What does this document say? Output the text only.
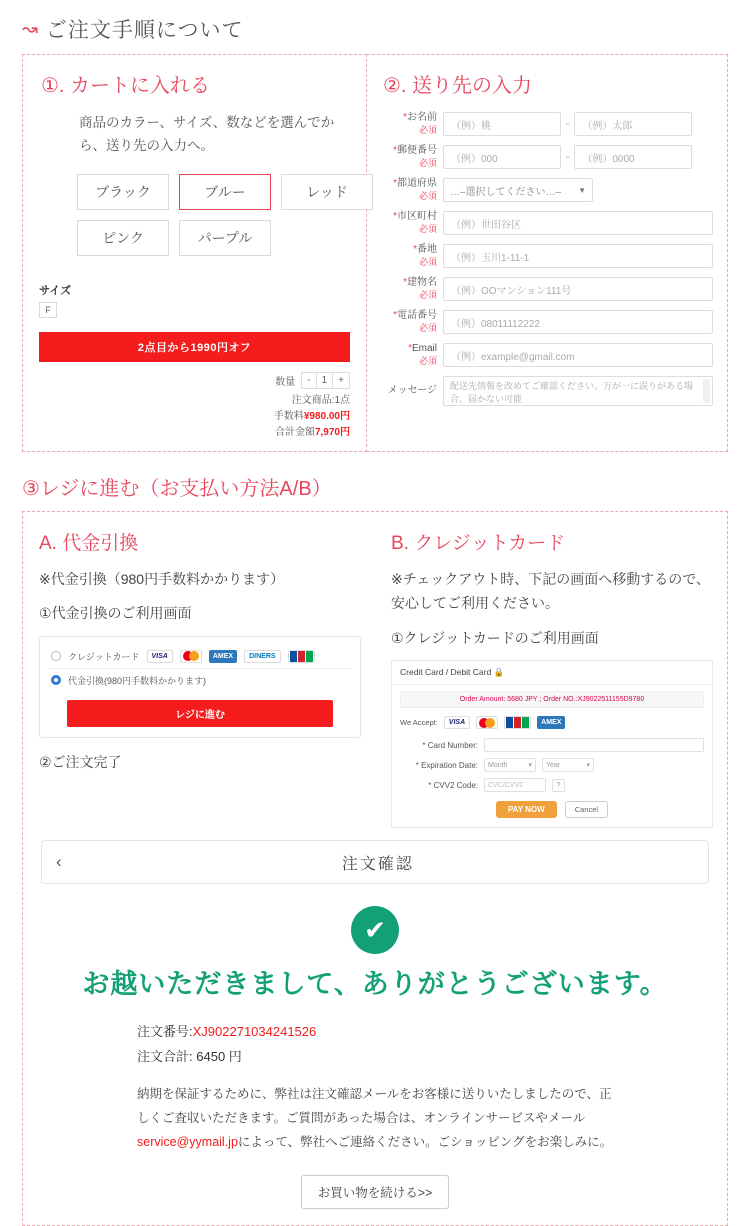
↝ ご注文手順について
①. カートに入れる
商品のカラー、サイズ、数などを選んでから、送り先の入力へ。
ブラック	ブルー	レッド
ピンク	パープル
サイズ
F
2点目から1990円オフ
数量	-	1	+
注文商品:1点
手数料¥980.00円
合計金額7,970円
②. 送り先の入力
*お名前
必須	（例）桃	-	（例）太郎
*郵便番号
必須	（例）000	-	（例）0000
*都道府県
必須 …–選択してください…– ▼
*市区町村
必須	（例）世田谷区
*番地
必須	（例）玉川1-11-1
*建物名
必須	（例）OOマンション111号
*電話番号
必須	（例）08011112222
*Email
必須	（例）example@gmail.com
メッセージ	配送先情報を改めてご確認ください。万が一に誤りがある場合、届かない可能
③レジに進む（お支払い方法A/B）
A. 代金引換
※代金引換（980円手数料かかります）
①代金引換のご利用画面
クレジットカード	VISA	AMEX	DINERS
代金引換(980円手数料かかります)
レジに進む
②ご注文完了
B. クレジットカード
※チェックアウト時、下記の画面へ移動するので、安心してご利用ください。
①クレジットカードのご利用画面
Credit Card / Debit Card 🔒
Order Amount: 5680 JPY ; Order NO.:XJ9022511155D9780
We Accept:	VISA	AMEX
* Card Number:
* Expiration Date: Month	▾ Year	▾
* CVV2 Code:	CVC/CVV2	?
PAY NOW	Cancel
‹	注文確認
✔
お越いただきまして、ありがとうございます。
注文番号:XJ902271034241526
注文合計: 6450 円
納期を保証するために、弊社は注文確認メールをお客様に送りいたしましたので、正しくご査収いただきます。ご質問があった場合は、オンラインサービスやメールservice@yymail.jpによって、弊社へご連絡ください。ごショッピングをお楽しみに。
お買い物を続ける>>
